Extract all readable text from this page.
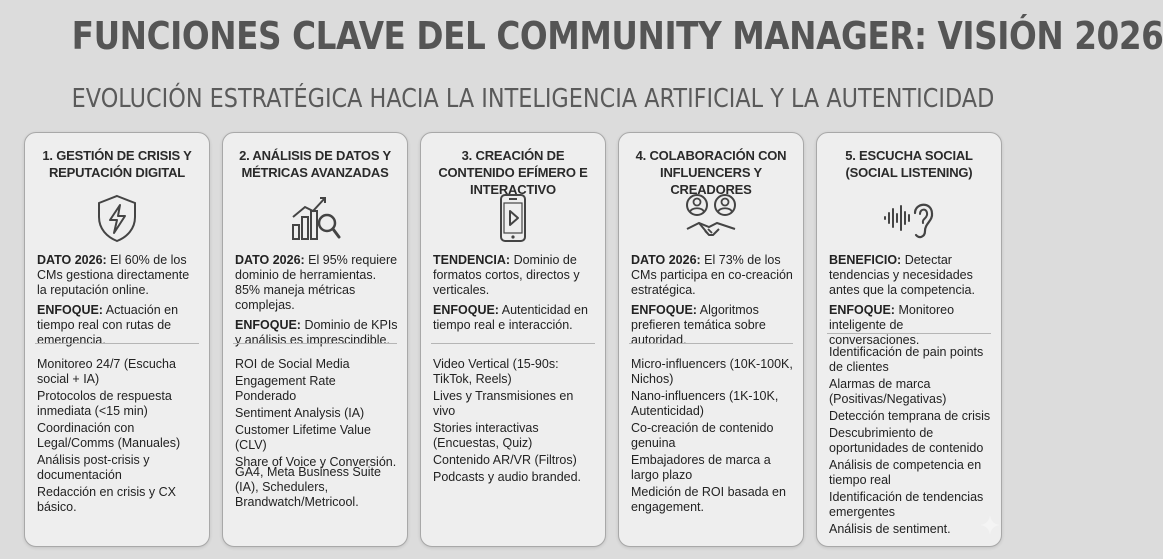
FUNCIONES CLAVE DEL COMMUNITY MANAGER: VISIÓN 2026
EVOLUCIÓN ESTRATÉGICA HACIA LA INTELIGENCIA ARTIFICIAL Y LA AUTENTICIDAD
1. GESTIÓN DE CRISIS Y REPUTACIÓN DIGITAL

DATO 2026: El 60% de los CMs gestiona directamente la reputación online.

ENFOQUE: Actuación en tiempo real con rutas de emergencia.

Monitoreo 24/7 (Escucha social + IA)
Protocolos de respuesta inmediata (<15 min)
Coordinación con Legal/Comms (Manuales)
Análisis post-crisis y documentación
Redacción en crisis y CX básico.
2. ANÁLISIS DE DATOS Y MÉTRICAS AVANZADAS

DATO 2026: El 95% requiere dominio de herramientas. 85% maneja métricas complejas.

ENFOQUE: Dominio de KPIs y análisis es imprescindible.

ROI de Social Media
Engagement Rate Ponderado
Sentiment Analysis (IA)
Customer Lifetime Value (CLV)
Share of Voice y Conversión.
GA4, Meta Business Suite (IA), Schedulers, Brandwatch/Metricool.
3. CREACIÓN DE CONTENIDO EFÍMERO E INTERACTIVO

TENDENCIA: Dominio de formatos cortos, directos y verticales.

ENFOQUE: Autenticidad en tiempo real e interacción.

Video Vertical (15-90s: TikTok, Reels)
Lives y Transmisiones en vivo
Stories interactivas (Encuestas, Quiz)
Contenido AR/VR (Filtros)
Podcasts y audio branded.
4. COLABORACIÓN CON INFLUENCERS Y CREADORES

DATO 2026: El 73% de los CMs participa en co-creación estratégica.

ENFOQUE: Algoritmos prefieren temática sobre autoridad.

Micro-influencers (10K-100K, Nichos)
Nano-influencers (1K-10K, Autenticidad)
Co-creación de contenido genuina
Embajadores de marca a largo plazo
Medición de ROI basada en engagement.
5. ESCUCHA SOCIAL (SOCIAL LISTENING)

BENEFICIO: Detectar tendencias y necesidades antes que la competencia.

ENFOQUE: Monitoreo inteligente de conversaciones.

Identificación de pain points de clientes
Alarmas de marca (Positivas/Negativas)
Detección temprana de crisis
Descubrimiento de oportunidades de contenido
Análisis de competencia en tiempo real
Identificación de tendencias emergentes
Análisis de sentiment.
